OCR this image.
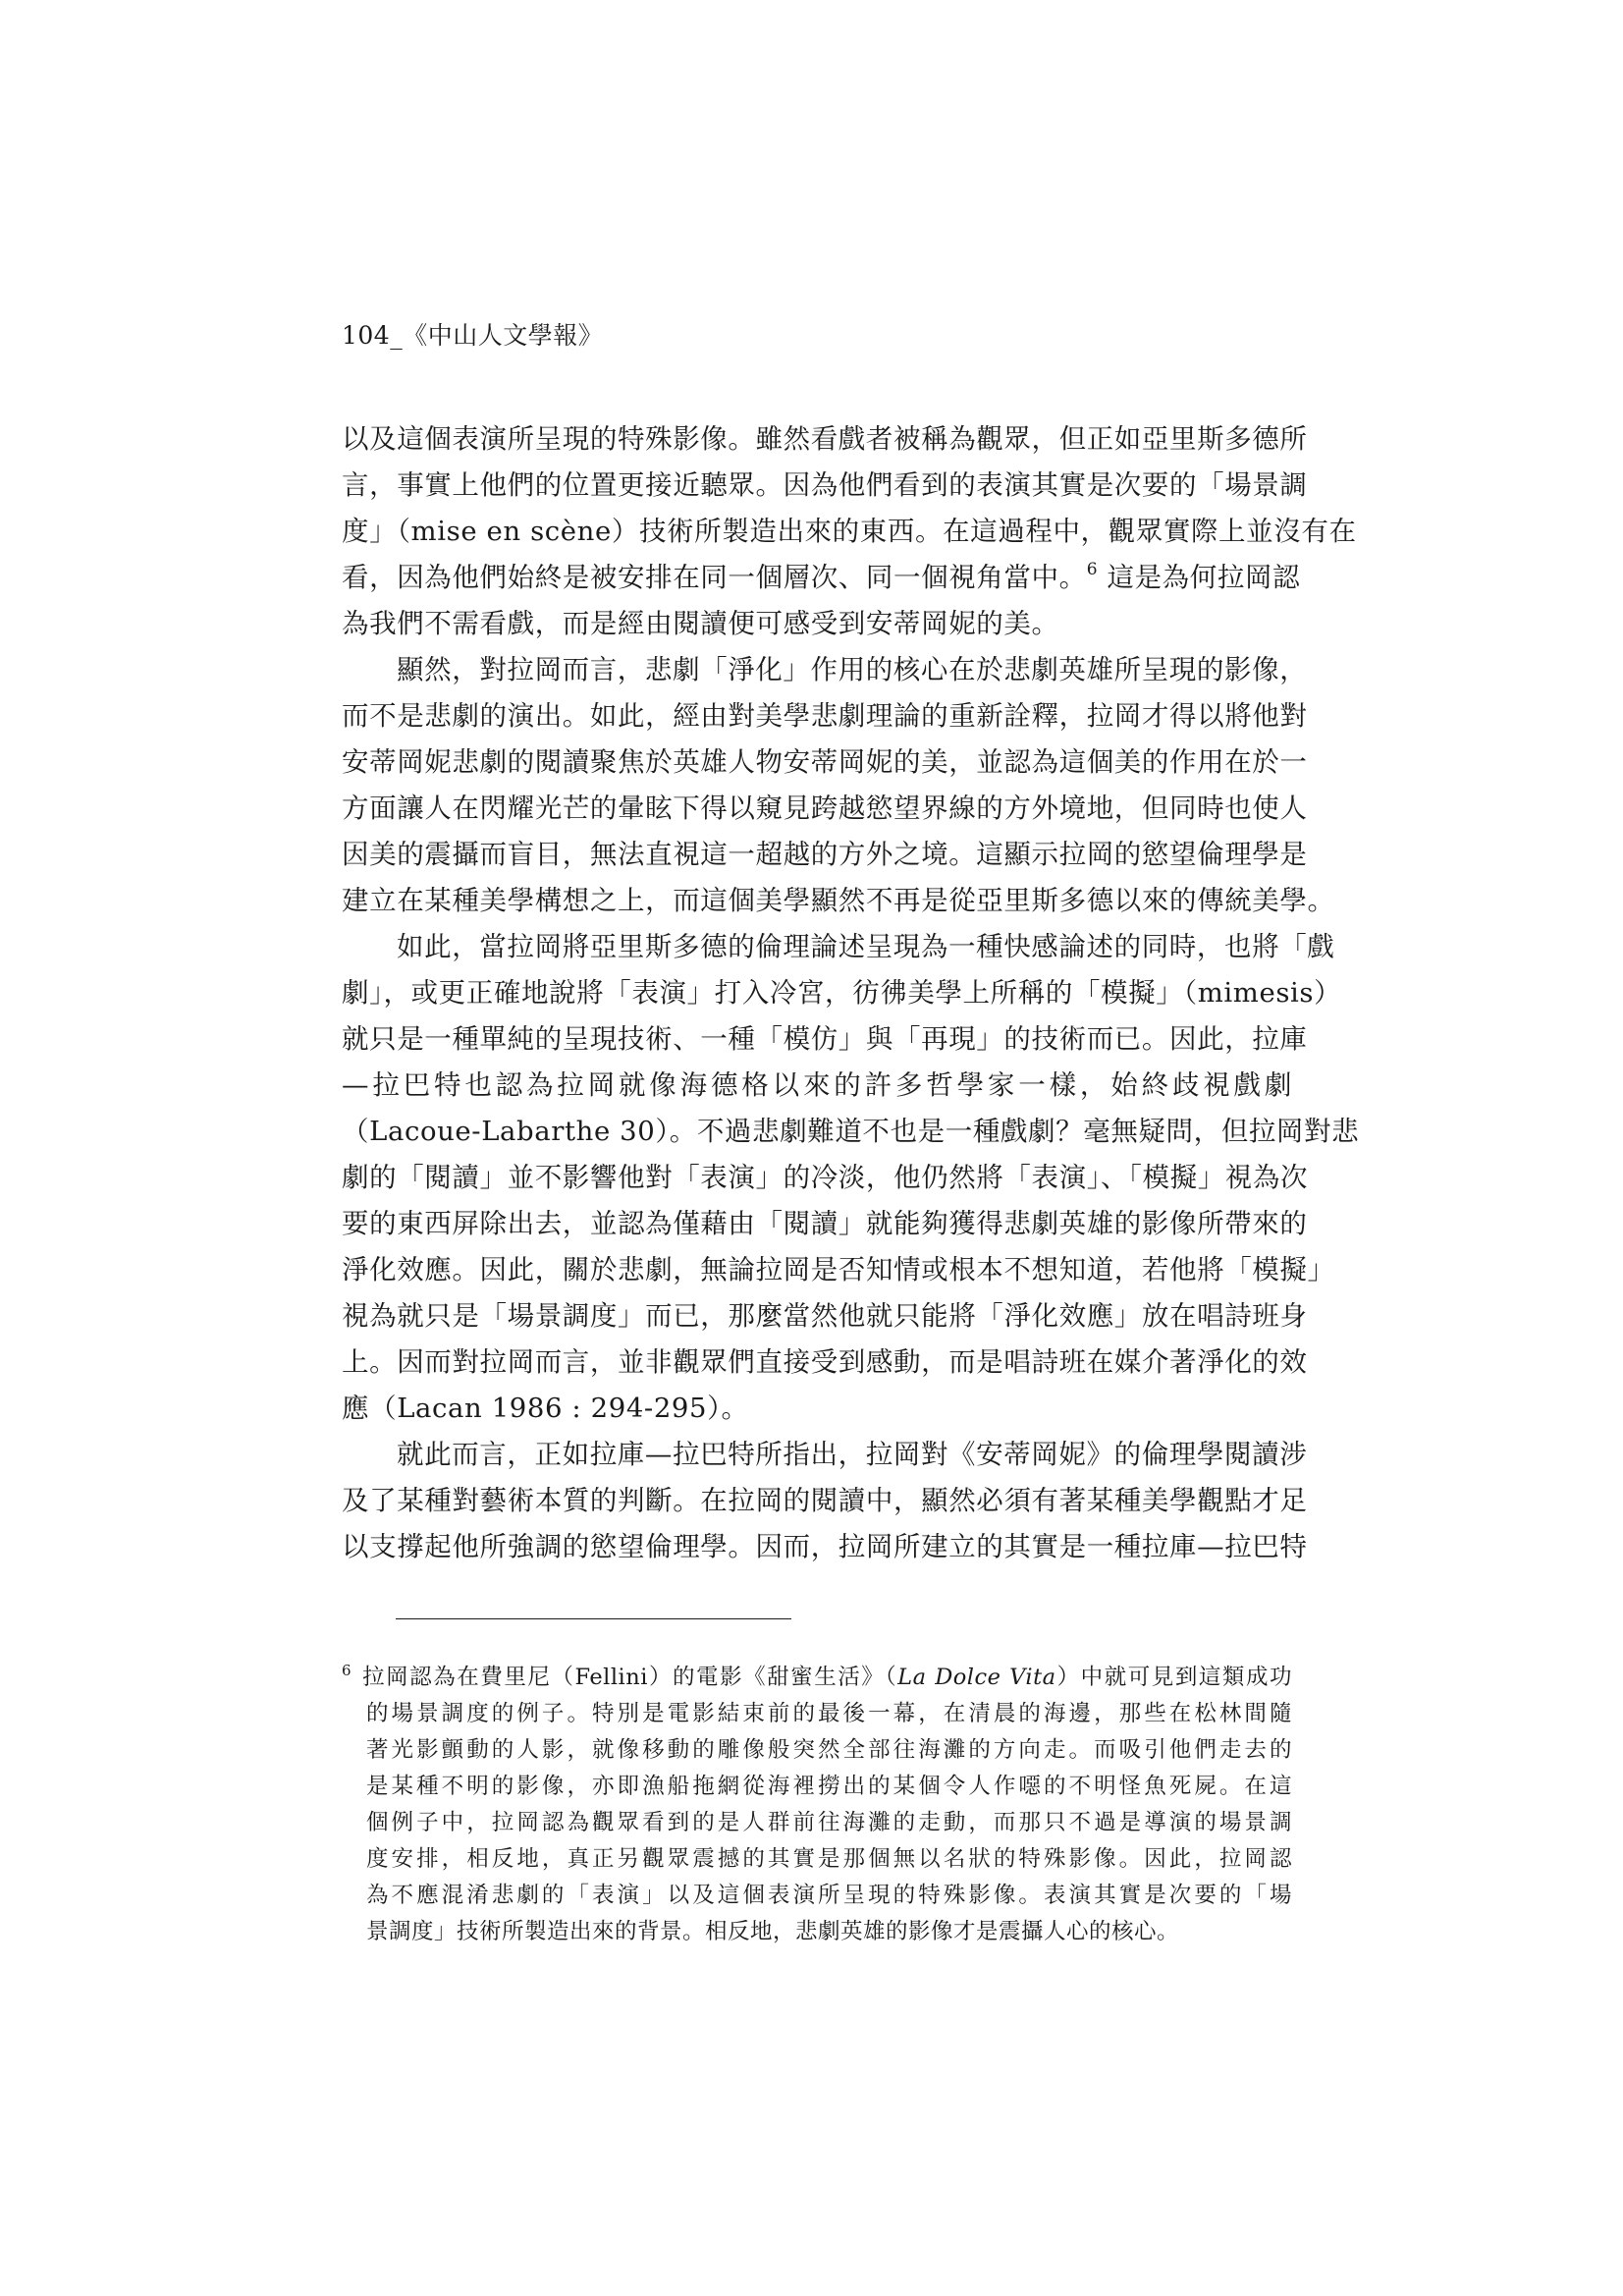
104_《中山人文學報》
以及這個表演所呈現的特殊影像。雖然看戲者被稱為觀眾，但正如亞里斯多德所
言，事實上他們的位置更接近聽眾。因為他們看到的表演其實是次要的「場景調
度」（mise en scène）技術所製造出來的東西。在這過程中，觀眾實際上並沒有在
看，因為他們始終是被安排在同一個層次、同一個視角當中。$^6$ 這是為何拉岡認
為我們不需看戲，而是經由閱讀便可感受到安蒂岡妮的美。
顯然，對拉岡而言，悲劇「淨化」作用的核心在於悲劇英雄所呈現的影像，
而不是悲劇的演出。如此，經由對美學悲劇理論的重新詮釋，拉岡才得以將他對
安蒂岡妮悲劇的閱讀聚焦於英雄人物安蒂岡妮的美，並認為這個美的作用在於一
方面讓人在閃耀光芒的暈眩下得以窺見跨越慾望界線的方外境地，但同時也使人
因美的震攝而盲目，無法直視這一超越的方外之境。這顯示拉岡的慾望倫理學是
建立在某種美學構想之上，而這個美學顯然不再是從亞里斯多德以來的傳統美學。
如此，當拉岡將亞里斯多德的倫理論述呈現為一種快感論述的同時，也將「戲
劇」，或更正確地說將「表演」打入冷宮，彷彿美學上所稱的「模擬」（mimesis）
就只是一種單純的呈現技術、一種「模仿」與「再現」的技術而已。因此，拉庫
—拉巴特也認為拉岡就像海德格以來的許多哲學家一樣，始終歧視戲劇
（Lacoue-Labarthe 30）。不過悲劇難道不也是一種戲劇？毫無疑問，但拉岡對悲
劇的「閱讀」並不影響他對「表演」的冷淡，他仍然將「表演」、「模擬」視為次
要的東西屏除出去，並認為僅藉由「閱讀」就能夠獲得悲劇英雄的影像所帶來的
淨化效應。因此，關於悲劇，無論拉岡是否知情或根本不想知道，若他將「模擬」
視為就只是「場景調度」而已，那麼當然他就只能將「淨化效應」放在唱詩班身
上。因而對拉岡而言，並非觀眾們直接受到感動，而是唱詩班在媒介著淨化的效
應（Lacan 1986 : 294-295）。
就此而言，正如拉庫—拉巴特所指出，拉岡對《安蒂岡妮》的倫理學閱讀涉
及了某種對藝術本質的判斷。在拉岡的閱讀中，顯然必須有著某種美學觀點才足
以支撐起他所強調的慾望倫理學。因而，拉岡所建立的其實是一種拉庫—拉巴特
$^6$ 拉岡認為在費里尼（Fellini）的電影《甜蜜生活》（La Dolce Vita）中就可見到這類成功
的場景調度的例子。特別是電影結束前的最後一幕，在清晨的海邊，那些在松林間隨
著光影顫動的人影，就像移動的雕像般突然全部往海灘的方向走。而吸引他們走去的
是某種不明的影像，亦即漁船拖網從海裡撈出的某個令人作噁的不明怪魚死屍。在這
個例子中，拉岡認為觀眾看到的是人群前往海灘的走動，而那只不過是導演的場景調
度安排，相反地，真正另觀眾震撼的其實是那個無以名狀的特殊影像。因此，拉岡認
為不應混淆悲劇的「表演」以及這個表演所呈現的特殊影像。表演其實是次要的「場
景調度」技術所製造出來的背景。相反地，悲劇英雄的影像才是震攝人心的核心。
